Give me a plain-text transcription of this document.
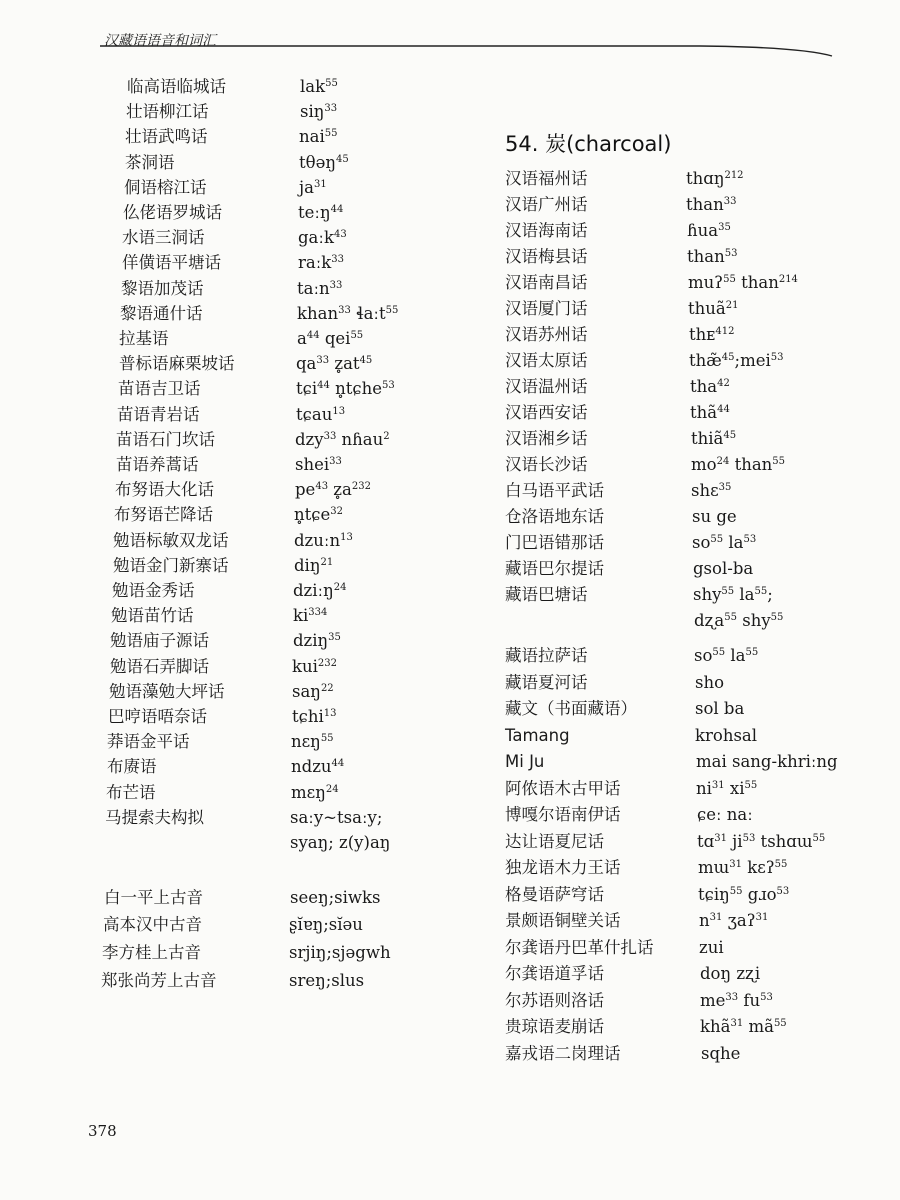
汉藏语语音和词汇
临高语临城话	lak$^{55}$
壮语柳江话	siŋ$^{33}$
壮语武鸣话	nai$^{55}$
茶洞语	tθəŋ$^{45}$
侗语榕江话	$ja^{31}$
仫佬语罗城话	teːŋ$^{44}$
水语三洞话	gaːk$^{43}$
佯僙语平塘话	raːk$^{33}$
黎语加茂话	taːn$^{33}$
黎语通什话	khan$^{33}$ ɬaːt$^{55}$
拉基语	$a^{44}$ qei$^{55}$
普标语麻栗坡话	$qa^{33}$ $z̥at^{45}$
苗语吉卫话	tɕi$^{44}$ n̥tɕhe$^{53}$
苗语青岩话	tɕau$^{13}$
苗语石门坎话	dzy$^{33}$ nɦau$^2$
苗语养蒿话	shei$^{33}$
布努语大化话	$pe^{43}$ $z̥a^{232}$
布努语芒降话	n̥tɕe$^{32}$
勉语标敏双龙话	dzuːn$^{13}$
勉语金门新寨话	diŋ$^{21}$
勉语金秀话	dziːŋ$^{24}$
勉语苗竹话	$ki^{334}$
勉语庙子源话	dziŋ$^{35}$
勉语石弄脚话	kui$^{232}$
勉语藻勉大坪话	saŋ$^{22}$
巴哼语唔奈话	tɕhi$^{13}$
莽语金平话	nɛŋ$^{55}$
布赓语	ndzu$^{44}$
布芒语	mɛŋ$^{24}$
马提索夫构拟	saːy~tsaːy;
syaŋ; z(y)aŋ
白一平上古音	seeŋ;siwks
高本汉中古音	ʂĭɐŋ;sĭəu
李方桂上古音	srjiŋ;sjəgwh
郑张尚芳上古音	sreŋ;slus
54. 炭(charcoal)
汉语福州话	thɑŋ$^{212}$
汉语广州话	than$^{33}$
汉语海南话	ɦua$^{35}$
汉语梅县话	than$^{53}$
汉语南昌话	muʔ$^{55}$ than$^{214}$
汉语厦门话	thuã$^{21}$
汉语苏州话	thᴇ$^{412}$
汉语太原话	thæ̃$^{45}$;mei$^{53}$
汉语温州话	tha$^{42}$
汉语西安话	thã$^{44}$
汉语湘乡话	thiã$^{45}$
汉语长沙话	$mo^{24}$ than$^{55}$
白马语平武话	shɛ$^{35}$
仓洛语地东话	su ge
门巴语错那话	$so^{55}$ $la^{53}$
藏语巴尔提话	gsol-ba
藏语巴塘话	shy$^{55}$ $la^{55}$;
dʐa$^{55}$ shy$^{55}$
藏语拉萨话	$so^{55}$ $la^{55}$
藏语夏河话	sho
藏文（书面藏语）	sol ba
Tamang	krohsal
Mi Ju	mai sang-khriːng
阿侬语木古甲话	$ni^{31}$ $xi^{55}$
博嘎尔语南伊话	ɕeː naː
达让语夏尼话	tɑ$^{31}$ $ji^{53}$ tshɑɯ$^{55}$
独龙语木力王话	mɯ$^{31}$ kɛʔ$^{55}$
格曼语萨穹话	tɕiŋ$^{55}$ gɹo$^{53}$
景颇语铜壁关话	$n^{31}$ ʒaʔ$^{31}$
尔龚语丹巴革什扎话	zui
尔龚语道孚话	doŋ zʐi
尔苏语则洛话	$me^{33}$ $fu^{53}$
贵琼语麦崩话	khã$^{31}$ $mã^{55}$
嘉戎语二岗理话	sqhe
378
